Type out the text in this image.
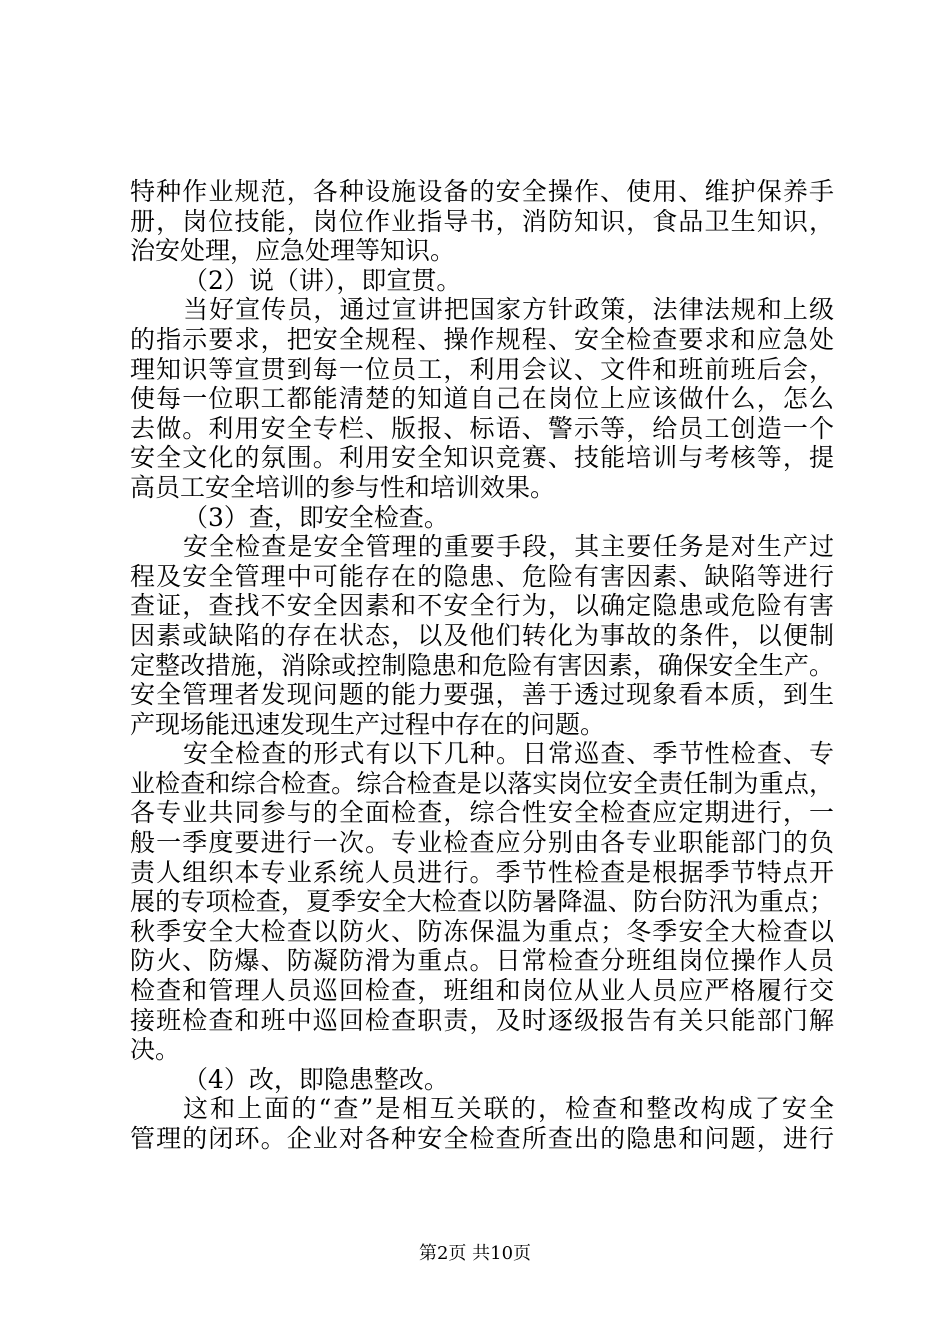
特种作业规范，各种设施设备的安全操作、使用、维护保养手
册，岗位技能，岗位作业指导书，消防知识，食品卫生知识，
治安处理，应急处理等知识。
（2）说（讲），即宣贯。
当好宣传员，通过宣讲把国家方针政策，法律法规和上级
的指示要求，把安全规程、操作规程、安全检查要求和应急处
理知识等宣贯到每一位员工，利用会议、文件和班前班后会，
使每一位职工都能清楚的知道自己在岗位上应该做什么，怎么
去做。利用安全专栏、版报、标语、警示等，给员工创造一个
安全文化的氛围。利用安全知识竞赛、技能培训与考核等，提
高员工安全培训的参与性和培训效果。
（3）查，即安全检查。
安全检查是安全管理的重要手段，其主要任务是对生产过
程及安全管理中可能存在的隐患、危险有害因素、缺陷等进行
查证，查找不安全因素和不安全行为，以确定隐患或危险有害
因素或缺陷的存在状态，以及他们转化为事故的条件，以便制
定整改措施，消除或控制隐患和危险有害因素，确保安全生产。
安全管理者发现问题的能力要强，善于透过现象看本质，到生
产现场能迅速发现生产过程中存在的问题。
安全检查的形式有以下几种。日常巡查、季节性检查、专
业检查和综合检查。综合检查是以落实岗位安全责任制为重点，
各专业共同参与的全面检查，综合性安全检查应定期进行，一
般一季度要进行一次。专业检查应分别由各专业职能部门的负
责人组织本专业系统人员进行。季节性检查是根据季节特点开
展的专项检查，夏季安全大检查以防暑降温、防台防汛为重点；
秋季安全大检查以防火、防冻保温为重点；冬季安全大检查以
防火、防爆、防凝防滑为重点。日常检查分班组岗位操作人员
检查和管理人员巡回检查，班组和岗位从业人员应严格履行交
接班检查和班中巡回检查职责，及时逐级报告有关只能部门解
决。
（4）改，即隐患整改。
这和上面的“查”是相互关联的，检查和整改构成了安全
管理的闭环。企业对各种安全检查所查出的隐患和问题，进行
第2页 共10页
